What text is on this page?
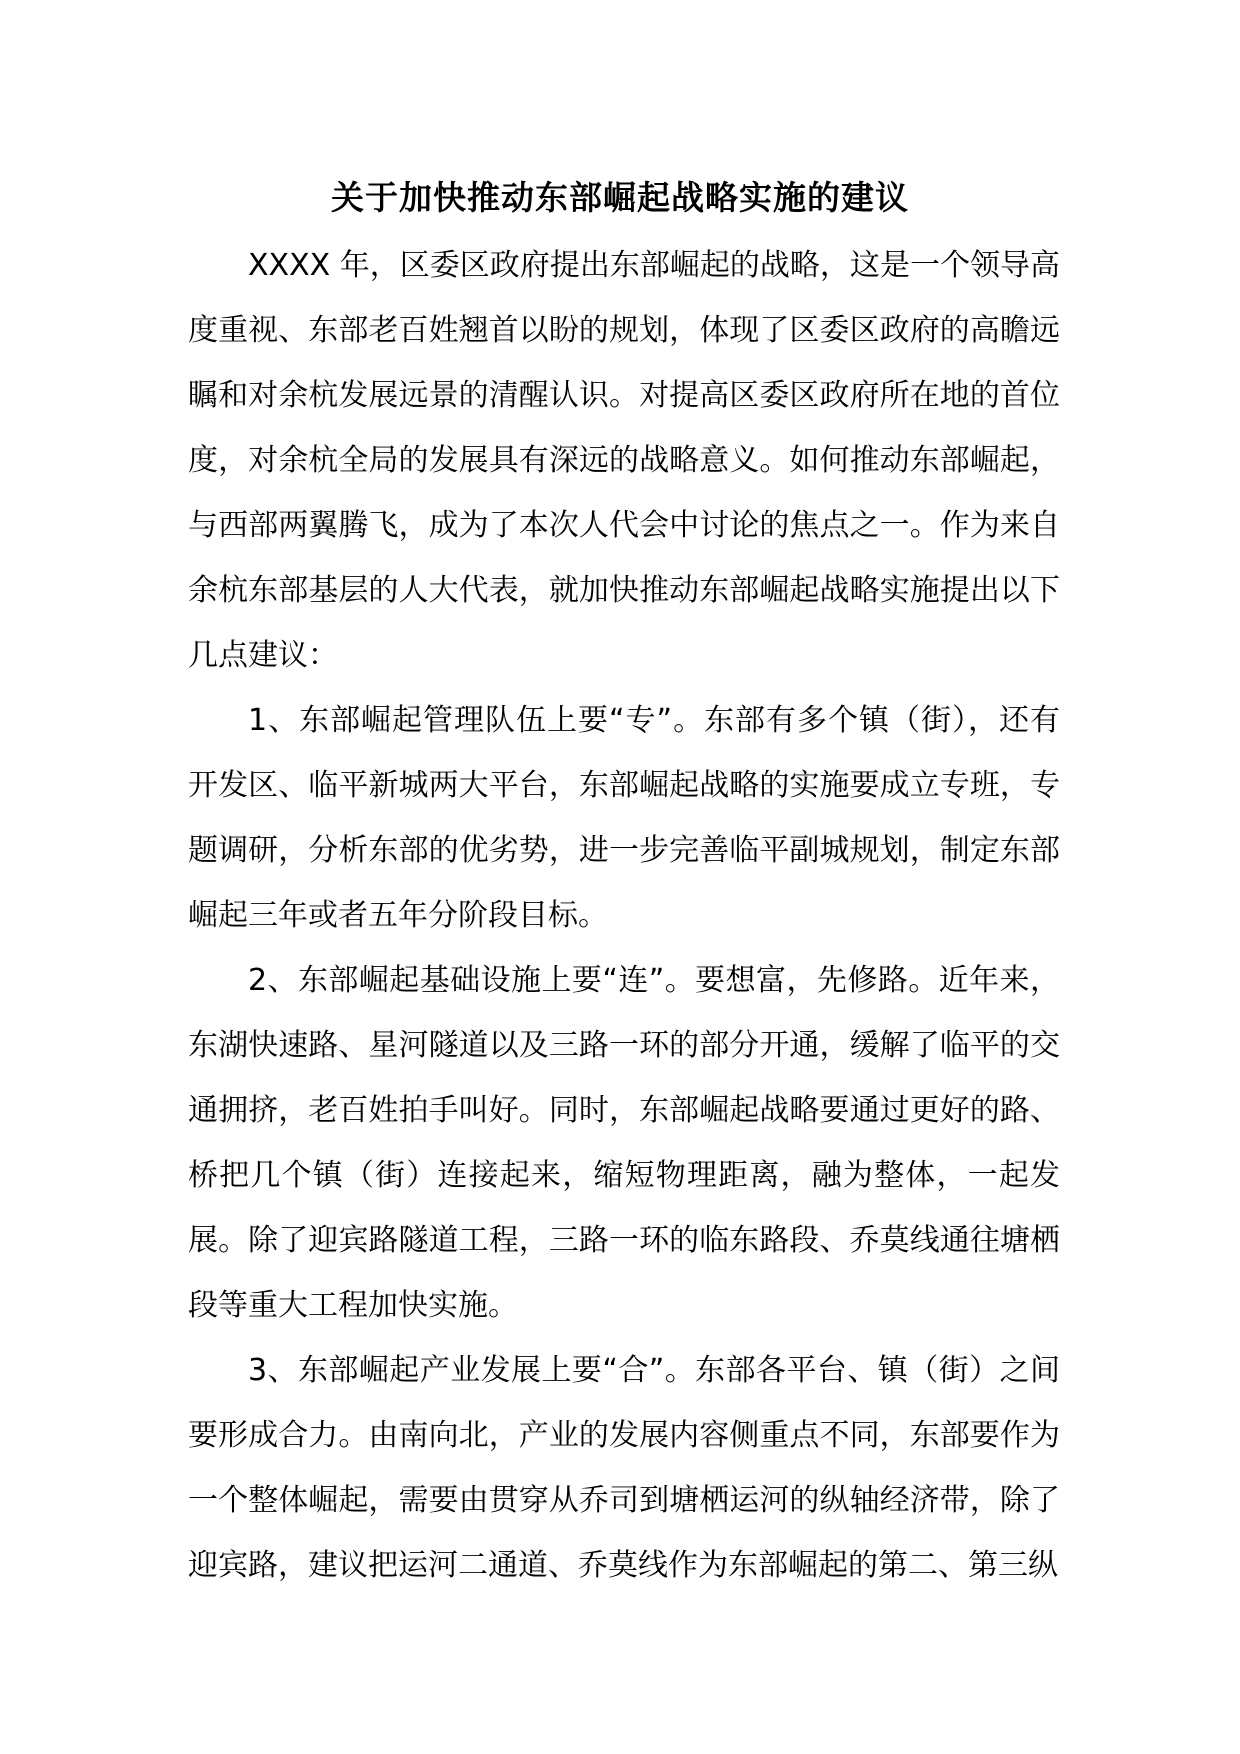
关于加快推动东部崛起战略实施的建议

XXXX 年，区委区政府提出东部崛起的战略，这是一个领导高度重视、东部老百姓翘首以盼的规划，体现了区委区政府的高瞻远瞩和对余杭发展远景的清醒认识。对提高区委区政府所在地的首位度，对余杭全局的发展具有深远的战略意义。如何推动东部崛起，与西部两翼腾飞，成为了本次人代会中讨论的焦点之一。作为来自余杭东部基层的人大代表，就加快推动东部崛起战略实施提出以下几点建议：

1、东部崛起管理队伍上要“专”。东部有多个镇（街），还有开发区、临平新城两大平台，东部崛起战略的实施要成立专班，专题调研，分析东部的优劣势，进一步完善临平副城规划，制定东部崛起三年或者五年分阶段目标。

2、东部崛起基础设施上要“连”。要想富，先修路。近年来，东湖快速路、星河隧道以及三路一环的部分开通，缓解了临平的交通拥挤，老百姓拍手叫好。同时，东部崛起战略要通过更好的路、桥把几个镇（街）连接起来，缩短物理距离，融为整体，一起发展。除了迎宾路隧道工程，三路一环的临东路段、乔莫线通往塘栖段等重大工程加快实施。

3、东部崛起产业发展上要“合”。东部各平台、镇（街）之间要形成合力。由南向北，产业的发展内容侧重点不同，东部要作为一个整体崛起，需要由贯穿从乔司到塘栖运河的纵轴经济带，除了迎宾路，建议把运河二通道、乔莫线作为东部崛起的第二、第三纵
